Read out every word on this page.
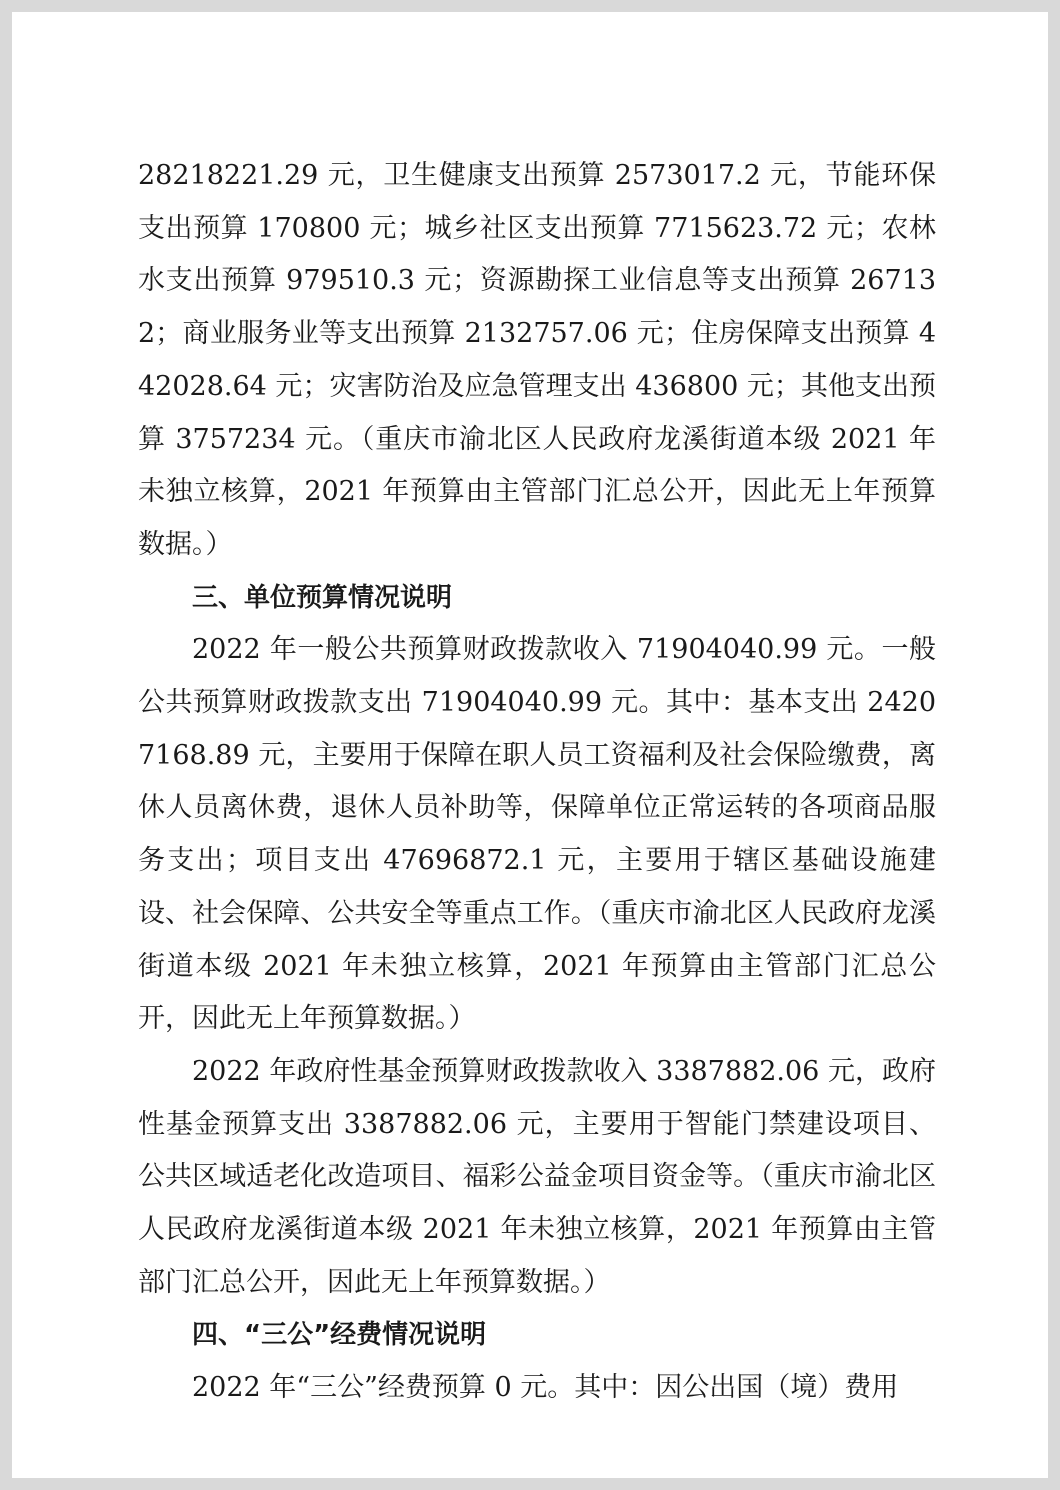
28218221.29 元，卫生健康支出预算 2573017.2 元，节能环保支出预算 170800 元；城乡社区支出预算 7715623.72 元；农林水支出预算 979510.3 元；资源勘探工业信息等支出预算 267132；商业服务业等支出预算 2132757.06 元；住房保障支出预算 442028.64 元；灾害防治及应急管理支出 436800 元；其他支出预算 3757234 元。（重庆市渝北区人民政府龙溪街道本级 2021 年未独立核算，2021 年预算由主管部门汇总公开，因此无上年预算数据。）

三、单位预算情况说明

2022 年一般公共预算财政拨款收入 71904040.99 元。一般公共预算财政拨款支出 71904040.99 元。其中：基本支出 24207168.89 元，主要用于保障在职人员工资福利及社会保险缴费，离休人员离休费，退休人员补助等，保障单位正常运转的各项商品服务支出；项目支出 47696872.1 元，主要用于辖区基础设施建设、社会保障、公共安全等重点工作。（重庆市渝北区人民政府龙溪街道本级 2021 年未独立核算，2021 年预算由主管部门汇总公开，因此无上年预算数据。）

2022 年政府性基金预算财政拨款收入 3387882.06 元，政府性基金预算支出 3387882.06 元，主要用于智能门禁建设项目、公共区域适老化改造项目、福彩公益金项目资金等。（重庆市渝北区人民政府龙溪街道本级 2021 年未独立核算，2021 年预算由主管部门汇总公开，因此无上年预算数据。）

四、“三公”经费情况说明

2022 年“三公”经费预算 0 元。其中：因公出国（境）费用
